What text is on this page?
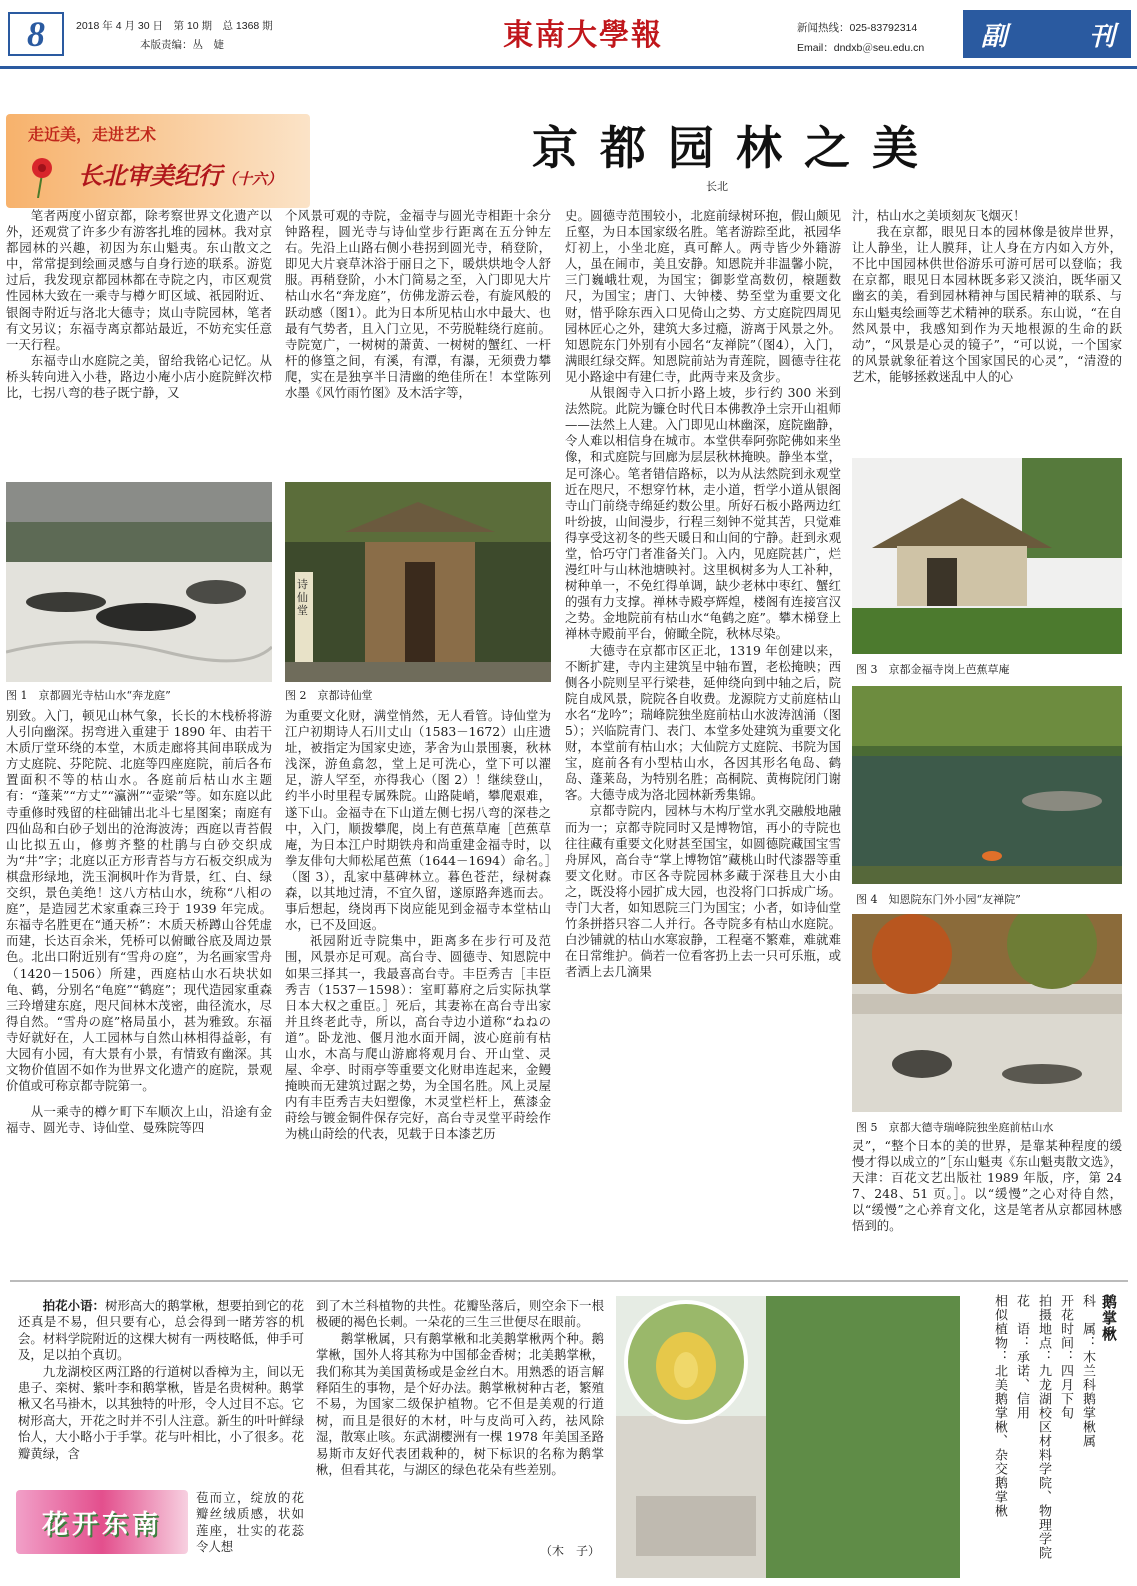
8	2018 年 4 月 30 日　第 10 期　总 1368 期
本版责编：丛　婕	東南大學報	新闻热线：025-83792314
Email：dndxb＠seu.edu.cn	副	刊
走近美，走进艺术
长北审美纪行（十六）
京都园林之美
长北

笔者两度小留京都，除考察世界文化遗产以外，还观赏了许多少有游客扎堆的园林。我对京都园林的兴趣，初因为东山魁夷。东山散文之中，常常提到绘画灵感与自身行迹的联系。游览过后，我发现京都园林都在寺院之内，市区观赏性园林大致在一乘寺与樽ケ町区域、祇园附近、银阁寺附近与洛北大德寺；岚山寺院园林，笔者有文另议；东福寺离京都站最近，不妨充实任意一天行程。

东福寺山水庭院之美，留给我铭心记忆。从桥头转向进入小巷，路边小庵小店小庭院鲜次栉比，七拐八弯的巷子既宁静，又

个风景可观的寺院，金福寺与圆光寺相距十余分钟路程，圆光寺与诗仙堂步行距离在五分钟左右。先沿上山路右侧小巷拐到圆光寺，稍登阶，即见大片衰草沐浴于丽日之下，暖烘烘地令人舒服。再稍登阶，小木门简易之至，入门即见大片枯山水名“奔龙庭”，仿佛龙游云卷，有旋风般的跃动感（图1）。此为日本所见枯山水中最大、也最有气势者，且入门立见，不劳脱鞋绕行庭前。寺院宽广，一树树的萧黄、一树树的蟹红、一杆杆的修篁之间，有溪，有潭，有瀑，无须费力攀爬，实在是独享半日清幽的绝佳所在！本堂陈列水墨《风竹雨竹图》及木活字等，

史。圆德寺范围较小，北庭前绿树环抱，假山颇见丘壑，为日本国家级名胜。笔者游踪至此，祇园华灯初上，小坐北庭，真可醉人。两寺皆少外籍游人，虽在闹市，美且安静。知恩院并非温馨小院，三门巍峨壮观，为国宝；御影堂高数仞，榱题数尺，为国宝；唐门、大钟楼、势至堂为重要文化财，惜乎除东西入口见倚山之势、方丈庭院四周见园林匠心之外，建筑大多过瘾，游离于风景之外。知恩院东门外别有小园名“友禅院”（图4），入门，满眼红绿交辉。知恩院前站为青莲院，圆德寺往花见小路途中有建仁寺，此两寺来及贪步。

从银阁寺入口折小路上坡，步行约 300 米到法然院。此院为镰仓时代日本佛教净土宗开山祖师——法然上人建。入门即见山林幽深，庭院幽静，令人难以相信身在城市。本堂供奉阿弥陀佛如来坐像，和式庭院与回廊为层层秋林掩映。静坐本堂，足可涤心。笔者错信路标，以为从法然院到永观堂近在咫尺，不想穿竹林，走小道，哲学小道从银阁寺山门前绕寺绵延约数公里。所好石板小路两边红叶纷披，山间漫步，行程三刻钟不觉其苦，只觉难得享受这初冬的些天暖日和山间的宁静。赶到永观堂，恰巧守门者准备关门。入内，见庭院甚广，烂漫红叶与山林池塘映衬。这里枫树多为人工补种，树种单一，不免红得单调，缺少老林中枣红、蟹红的强有力支撑。禅林寺殿亭辉煌，楼阁有连接宫汉之势。金地院前有枯山水“龟鹤之庭”。攀木梯登上禅林寺殿前平台，俯瞰全院，秋林尽染。

大德寺在京都市区正北，1319 年创建以来，不断扩建，寺内主建筑呈中轴布置，老松掩映；西侧各小院则呈平行梁巷，延伸绕向到中轴之后，院院自成风景，院院各自收费。龙源院方丈前庭枯山水名“龙吟”；瑞峰院独坐庭前枯山水波涛汹涌（图5）；兴临院青门、表门、本堂多处建筑为重要文化财，本堂前有枯山水；大仙院方丈庭院、书院为国宝，庭前各有小型枯山水，各因其形名龟岛、鹤岛、蓬莱岛，为特别名胜；高桐院、黄梅院闭门谢客。大德寺成为洛北园林新秀集锦。

京都寺院内，园林与木构厅堂水乳交融般地融而为一；京都寺院同时又是博物馆，再小的寺院也往往藏有重要文化财甚至国宝，如圆德院藏国宝雪舟屏风，高台寺“掌上博物馆”藏桃山时代漆器等重要文化财。市区各寺院园林多藏于深巷且大小由之，既没将小园扩成大园，也没将门口拆成广场。寺门大者，如知恩院三门为国宝；小者，如诗仙堂竹条拼搭只容二人并行。各寺院多有枯山水庭院。白沙铺就的枯山水寒寂静，工程毫不繁难，难就难在日常维护。倘若一位看客扔上去一只可乐瓶，或者洒上去几滴果

汁，枯山水之美顷刻灰飞烟灭！

我在京都，眼见日本的园林像是彼岸世界，让人静坐，让人膜拜，让人身在方内如入方外，不比中国园林供世俗游乐可游可居可以登临；我在京都，眼见日本园林既多彩又淡泊，既华丽又幽玄的美，看到园林精神与国民精神的联系、与东山魁夷绘画等艺术精神的联系。东山说，“在自然风景中，我感知到作为天地根源的生命的跃动”，“风景是心灵的镜子”，“可以说，一个国家的风景就象征着这个国家国民的心灵”，“清澄的艺术，能够拯救迷乱中人的心

图 1　京都圆光寺枯山水“奔龙庭”
诗仙堂
图 2　京都诗仙堂
图 3　京都金福寺岗上芭蕉草庵
图 4　知恩院东门外小园“友禅院”
图 5　京都大德寺瑞峰院独坐庭前枯山水

别致。入门，顿见山林气象，长长的木栈桥将游人引向幽深。拐弯进入重建于 1890 年、由若干木质厅堂环绕的本堂，木质走廊将其间串联成为方丈庭院、芬陀院、北庭等四座庭院，前后各布置面积不等的枯山水。各庭前后枯山水主题有：“蓬莱”“方丈”“瀛洲”“壶梁”等。如东庭以此寺重修时残留的柱础铺出北斗七星图案；南庭有四仙岛和白砂子划出的沧海波涛；西庭以青苔假山比拟五山，修剪齐整的杜鹃与白砂交织成为“井”字；北庭以正方形青苔与方石板交织成为棋盘形绿地，洗玉涧枫叶作为背景，红、白、绿交织，景色美绝！这八方枯山水，统称“八相の庭”，是造园艺术家重森三玲于 1939 年完成。东福寺名胜更在“通天桥”：木质天桥蹲山谷凭虚而建，长达百余米，凭桥可以俯瞰谷底及周边景色。北出口附近别有“雪舟の庭”，为名画家雪舟（1420－1506）所建，西庭枯山水石块状如龟、鹤，分别名“龟庭”“鹤庭”；现代造园家重森三玲增建东庭，咫尺间林木茂密，曲径流水，尽得自然。“雪舟の庭”格局虽小，甚为雅致。东福寺好就好在，人工园林与自然山林相得益彰，有大园有小园，有大景有小景，有情致有幽深。其文物价值固不如作为世界文化遗产的庭院，景观价值或可称京都寺院第一。

从一乘寺的樽ケ町下车顺次上山，沿途有金福寺、圆光寺、诗仙堂、曼殊院等四

为重要文化财，满堂悄然，无人看管。诗仙堂为江户初期诗人石川丈山（1583－1672）山庄遗址，被指定为国家史迹，茅舍为山景围裹，秋林浅深，游鱼翕忽，堂上足可洗心，堂下可以濯足，游人罕至，亦得我心（图 2）！继续登山，约半小时里程专属殊院。山路陡峭，攀爬艰难，遂下山。金福寺在下山道左侧七拐八弯的深巷之中，入门，顺拨攀爬，岗上有芭蕉草庵［芭蕉草庵，为日本江户时期铁舟和尚重建金福寺时，以拳友俳句大师松尾芭蕉（1644－1694）命名。］（图 3），乱家中墓碑林立。暮色苍茫，绿树森森，以其地过清，不宜久留，遂原路奔逃而去。事后想起，绕岗再下岗应能见到金福寺本堂枯山水，已不及回返。

祇园附近寺院集中，距离多在步行可及范围，风景亦足可观。高台寺、圆德寺、知恩院中如果三择其一，我最喜高台寺。丰臣秀吉［丰臣秀吉（1537－1598）：室町幕府之后实际执掌日本大权之重臣。］死后，其妻袮在高台寺出家并且终老此寺，所以，高台寺边小道称“ねねの道”。卧龙池、偃月池水面开阔，波心庭前有枯山水，木高与爬山游廊将观月台、开山堂、灵屋、伞亭、时雨亭等重要文化财串连起来，金鳗掩映而无建筑过踞之势，为全国名胜。风上灵屋内有丰臣秀吉夫妇塑像，木灵堂栏杆上，蕉漆金莳绘与镀金铜件保存完好，高台寺灵堂平莳绘作为桃山莳绘的代表，见载于日本漆艺历

灵”，“整个日本的美的世界，是靠某种程度的缓慢才得以成立的”［东山魁夷《东山魁夷散文选》，天津：百花文艺出版社 1989 年版，序，第 247、248、51 页。］。以“缓慢”之心对待自然，以“缓慢”之心养育文化，这是笔者从京都园林感悟到的。

拍花小语：树形高大的鹅掌楸，想要拍到它的花还真是不易，但只要有心，总会得到一睹芳容的机会。材料学院附近的这棵大树有一两枝略低，伸手可及，足以拍个真切。

九龙湖校区两江路的行道树以香樟为主，间以无患子、栾树、紫叶李和鹅掌楸，皆是名贵树种。鹅掌楸又名马褂木，以其独特的叶形，令人过目不忘。它树形高大，开花之时并不引人注意。新生的叶叶鲜绿怡人，大小略小于手掌。花与叶相比，小了很多。花瓣黄绿，含

苞而立，绽放的花瓣丝绒质感，状如莲座，壮实的花蕊令人想
花开东南

到了木兰科植物的共性。花瓣坠落后，则空余下一根极硬的褐色长刺。一朵花的三生三世便尽在眼前。

鹅掌楸属，只有鹅掌楸和北美鹅掌楸两个种。鹅掌楸，国外人将其称为中国郁金香树；北美鹅掌楸，我们称其为美国黄杨或是金丝白木。用熟悉的语言解释陌生的事物，是个好办法。鹅掌楸树种古老，繁殖不易，为国家二级保护植物。它不但是美观的行道树，而且是很好的木材，叶与皮尚可入药，祛风除湿，散寒止咳。东武湖樱洲有一棵 1978 年美国圣路易斯市友好代表团栽种的，树下标识的名称为鹅掌楸，但看其花，与湖区的绿色花朵有些差别。

（木　子）
鹅掌楸
科　属：木兰科鹅掌楸属
开花时间：四月下旬
拍摄地点：九龙湖校区材料学院、物理学院
花　语：承诺、信用
相似植物：北美鹅掌楸、杂交鹅掌楸
